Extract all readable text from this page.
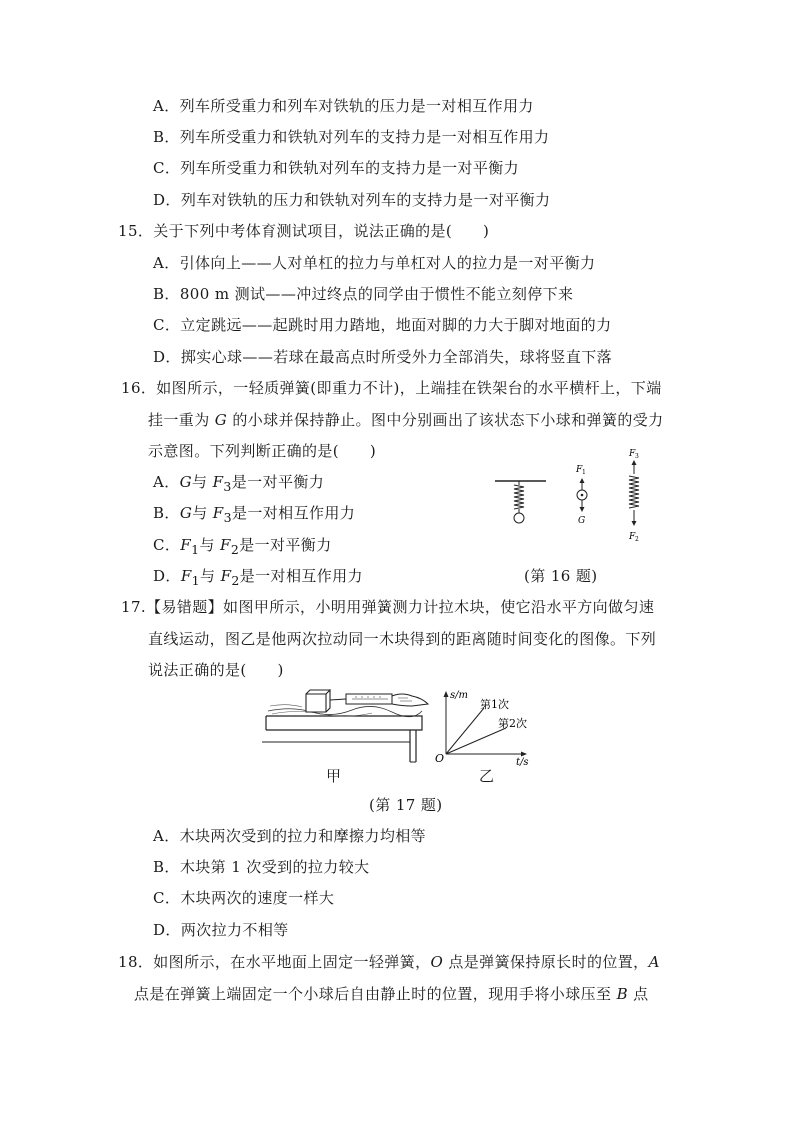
A．列车所受重力和列车对铁轨的压力是一对相互作用力
B．列车所受重力和铁轨对列车的支持力是一对相互作用力
C．列车所受重力和铁轨对列车的支持力是一对平衡力
D．列车对铁轨的压力和铁轨对列车的支持力是一对平衡力
15．关于下列中考体育测试项目，说法正确的是(　　)
A．引体向上——人对单杠的拉力与单杠对人的拉力是一对平衡力
B．800 m 测试——冲过终点的同学由于惯性不能立刻停下来
C．立定跳远——起跳时用力踏地，地面对脚的力大于脚对地面的力
D．掷实心球——若球在最高点时所受外力全部消失，球将竖直下落
16．如图所示，一轻质弹簧(即重力不计)，上端挂在铁架台的水平横杆上，下端
挂一重为 G 的小球并保持静止。图中分别画出了该状态下小球和弹簧的受力
示意图。下列判断正确的是(　　)
A．G与 $F_3$是一对平衡力
B．G与 $F_3$是一对相互作用力
C．$F_1$与 $F_2$是一对平衡力
D．$F_1$与 $F_2$是一对相互作用力
F 1
G
F 3
F 2
(第 16 题)
17.【易错题】如图甲所示，小明用弹簧测力计拉木块，使它沿水平方向做匀速
直线运动，图乙是他两次拉动同一木块得到的距离随时间变化的图像。下列
说法正确的是(　　)
s/m
t/s
O
第1次
第2次
甲	乙
(第 17 题)
A．木块两次受到的拉力和摩擦力均相等
B．木块第 1 次受到的拉力较大
C．木块两次的速度一样大
D．两次拉力不相等
18．如图所示，在水平地面上固定一轻弹簧，O 点是弹簧保持原长时的位置，A
点是在弹簧上端固定一个小球后自由静止时的位置，现用手将小球压至 B 点
